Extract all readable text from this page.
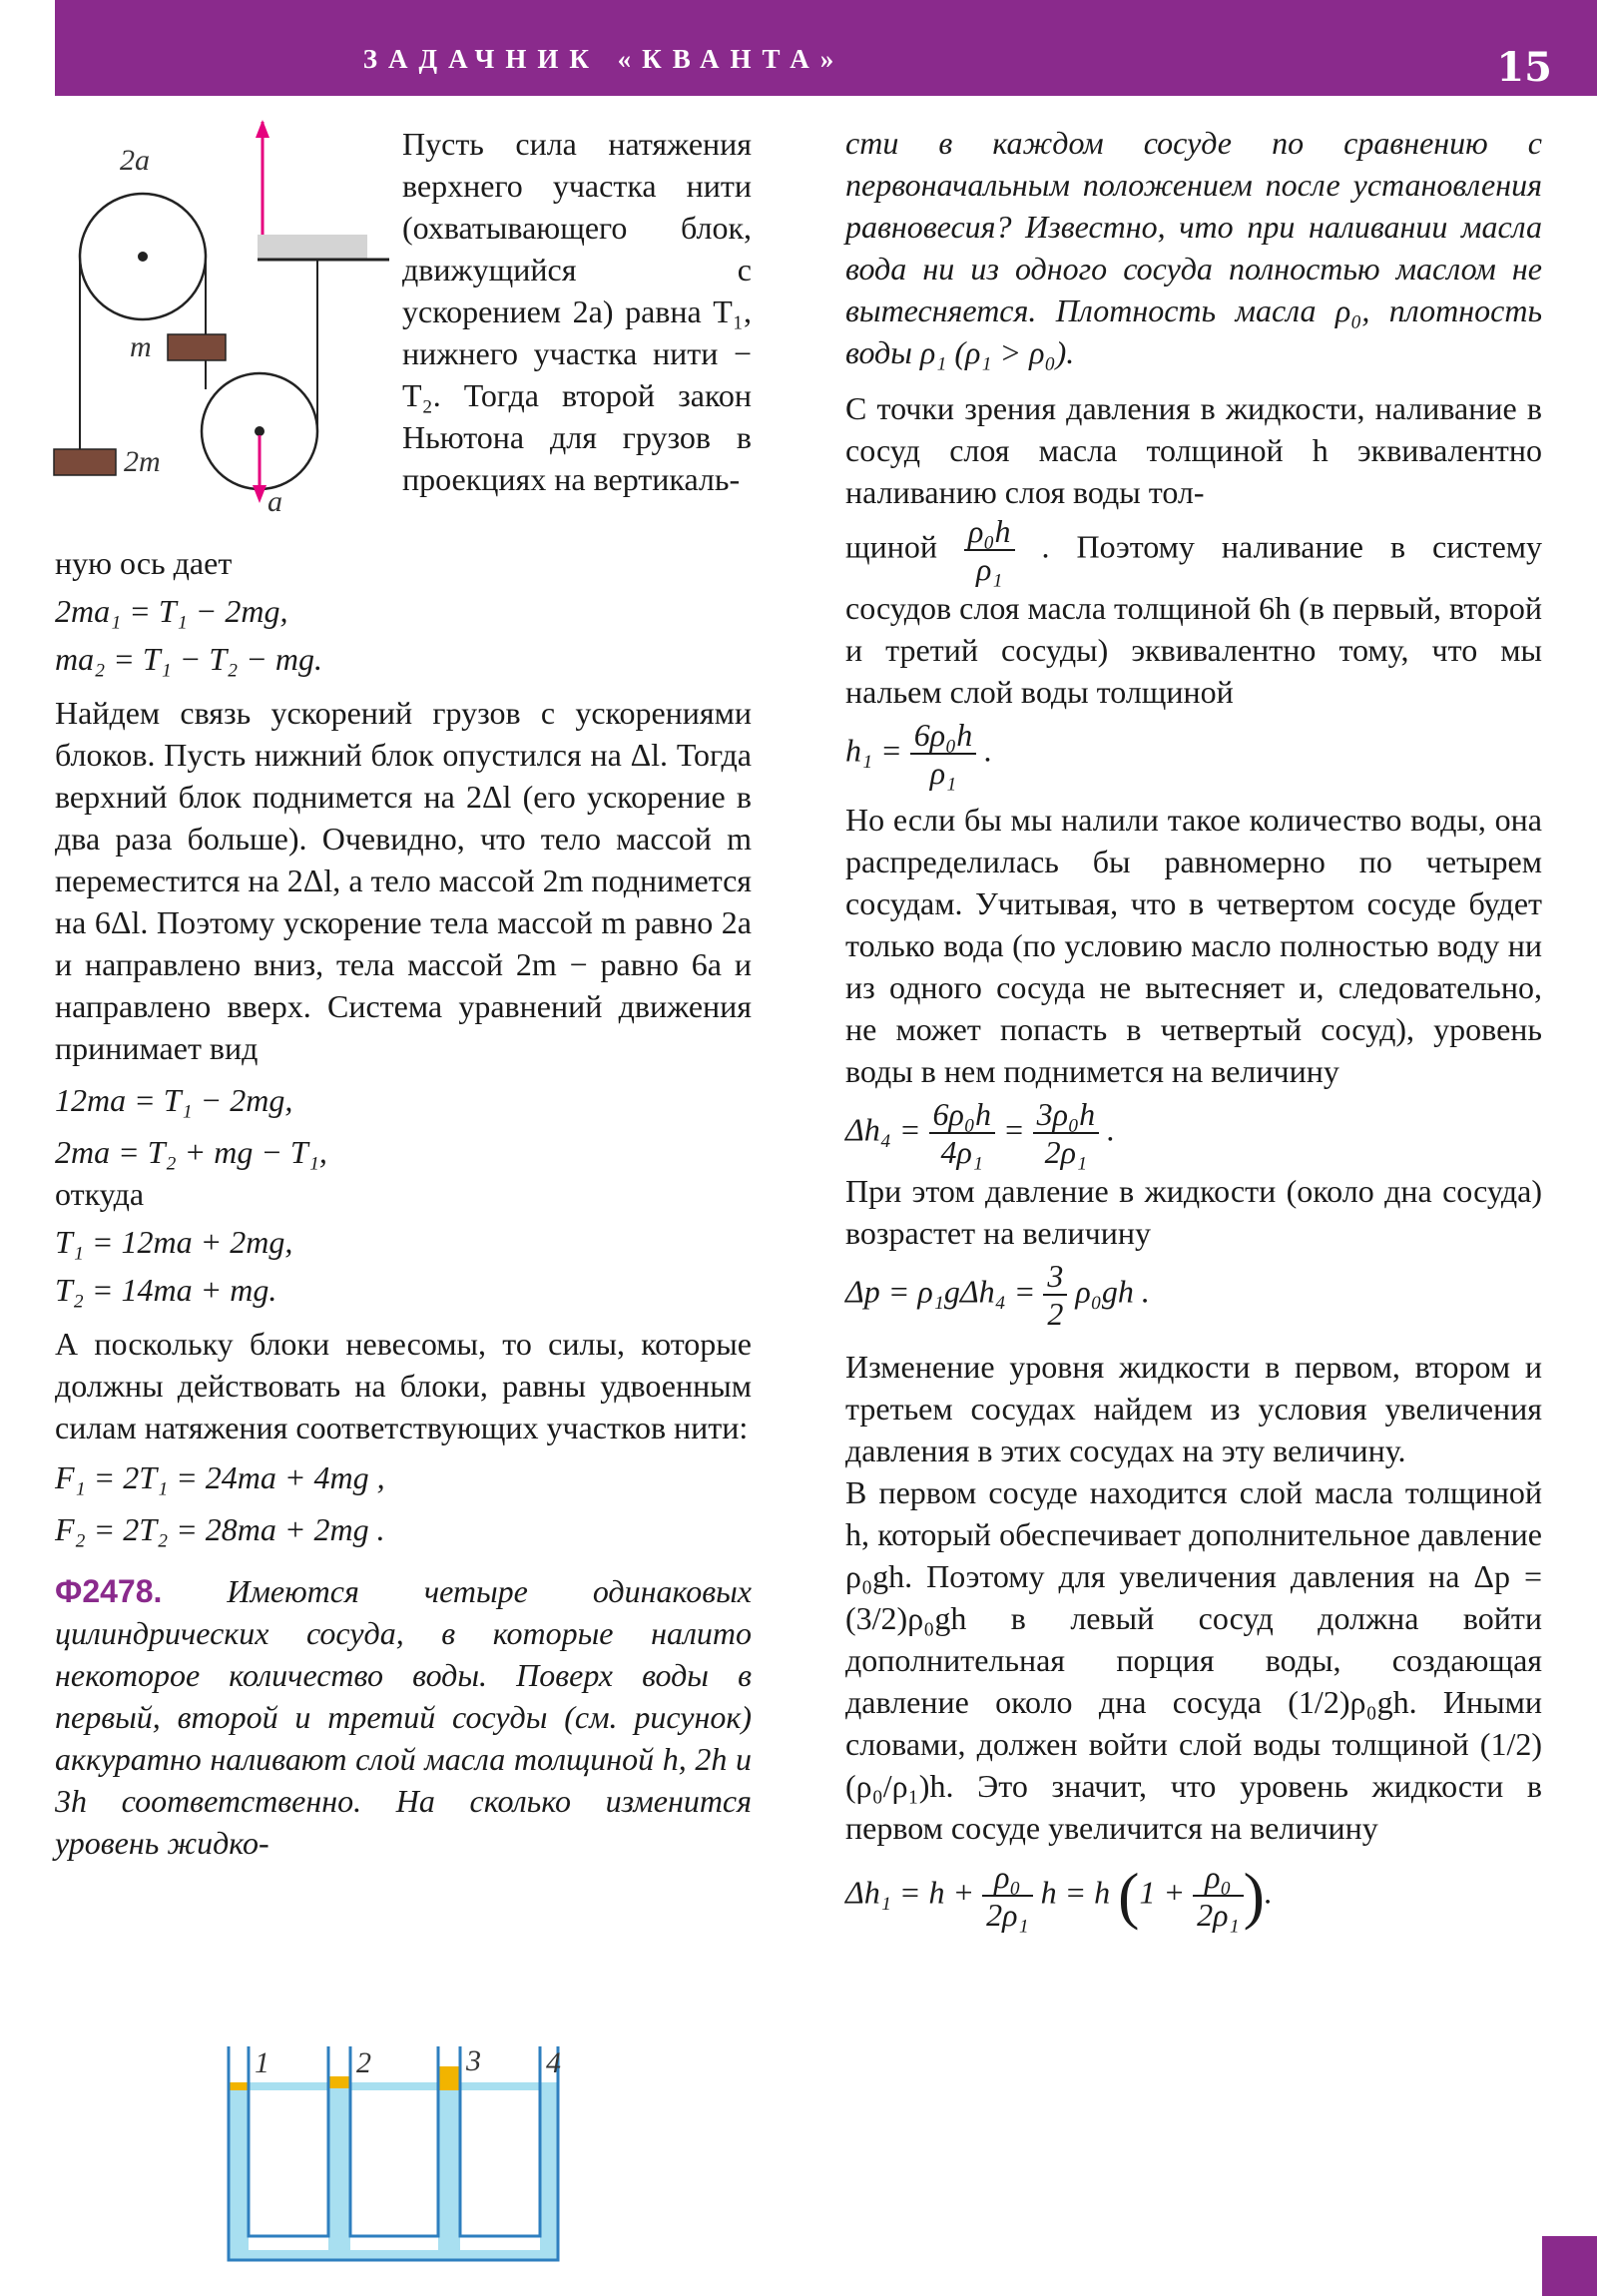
ЗАДАЧНИК «КВАНТА»	15
2a
m
2m
a
Пусть сила натяжения верхнего участка нити (охватывающего блок, движущийся с ускорением 2a) равна T₁, нижнего участка нити − T₂. Тогда второй закон Ньютона для грузов в проекциях на вертикаль-

ную ось дает

2ma₁ = T₁ − 2mg,

ma₂ = T₁ − T₂ − mg.

Найдем связь ускорений грузов с ускорениями блоков. Пусть нижний блок опустился на Δl. Тогда верхний блок поднимется на 2Δl (его ускорение в два раза больше). Очевидно, что тело массой m переместится на 2Δl, а тело массой 2m поднимется на 6Δl. Поэтому ускорение тела массой m равно 2a и направлено вниз, тела массой 2m − равно 6a и направлено вверх. Система уравнений движения принимает вид

12ma = T₁ − 2mg,

2ma = T₂ + mg − T₁,

откуда

T₁ = 12ma + 2mg,

T₂ = 14ma + mg.

А поскольку блоки невесомы, то силы, которые должны действовать на блоки, равны удвоенным силам натяжения соответствующих участков нити:

F₁ = 2T₁ = 24ma + 4mg ,

F₂ = 2T₂ = 28ma + 2mg .

Ф2478. Имеются четыре одинаковых цилиндрических сосуда, в которые налито некоторое количество воды. Поверх воды в первый, второй и третий сосуды (см. рисунок) аккуратно наливают слой масла толщиной h, 2h и 3h соответственно. На сколько изменится уровень жидко-

1	2	3 4

сти в каждом сосуде по сравнению с первоначальным положением после установления равновесия? Известно, что при наливании масла вода ни из одного сосуда полностью маслом не вытесняется. Плотность масла ρ₀, плотность воды ρ₁ (ρ₁ > ρ₀).

С точки зрения давления в жидкости, наливание в сосуд слоя масла толщиной h эквивалентно наливанию слоя воды тол-

щиной $\frac{\text{ρ₀h}}{\text{ρ₁}}$ . Поэтому наливание в систему сосудов слоя масла толщиной 6h (в первый, второй и третий сосуды) эквивалентно тому, что мы нальем слой воды толщиной

$h_1 = \frac{\text{6ρ₀h}}{\text{ρ₁}}$ .

Но если бы мы налили такое количество воды, она распределилась бы равномерно по четырем сосудам. Учитывая, что в четвертом сосуде будет только вода (по условию масло полностью воду ни из одного сосуда не вытесняет и, следовательно, не может попасть в четвертый сосуд), уровень воды в нем поднимется на величину

$\Delta h_4 = \frac{\text{6ρ₀h}}{\text{4ρ₁}} = \frac{\text{3ρ₀h}}{\text{2ρ₁}}$ .

При этом давление в жидкости (около дна сосуда) возрастет на величину

$\Delta p = \rho_1g\Delta h_4 = \frac{3}{2} \rho_0gh$ .

Изменение уровня жидкости в первом, втором и третьем сосудах найдем из условия увеличения давления в этих сосудах на эту величину.

В первом сосуде находится слой масла толщиной h, который обеспечивает дополнительное давление ρ₀gh. Поэтому для увеличения давления на Δp = (3/2)ρ₀gh в левый сосуд должна войти дополнительная порция воды, создающая давление около дна сосуда (1/2)ρ₀gh. Иными словами, должен войти слой воды толщиной (1/2)(ρ₀/ρ₁)h. Это значит, что уровень жидкости в первом сосуде увеличится на величину

$\Delta h_1 = h + \frac{\text{ρ₀}}{\text{2ρ₁}}$ h = h ($1 + \frac{\text{ρ₀}}{\text{2ρ₁}}$ ).
